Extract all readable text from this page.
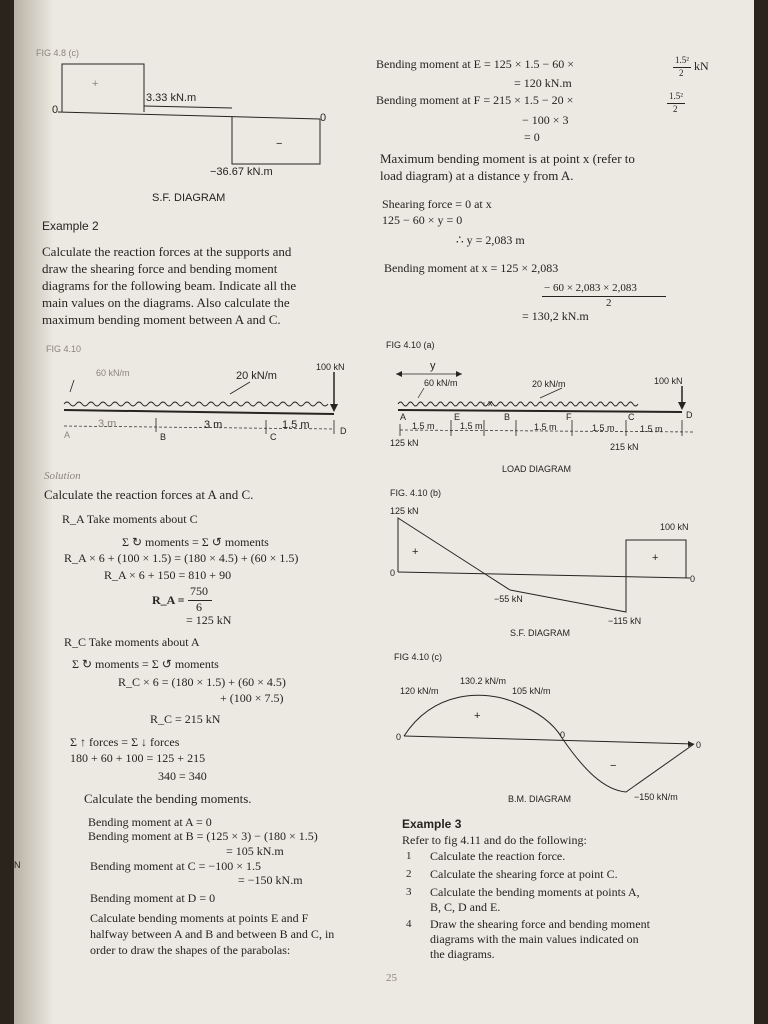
FIG 4.8 (c)
0
0
+
−
3.33 kN.m
−36.67 kN.m
S.F. DIAGRAM
Example 2
Calculate the reaction forces at the supports and
draw the shearing force and bending moment
diagrams for the following beam. Indicate all the
main values on the diagrams. Also calculate the
maximum bending moment between A and C.
FIG 4.10
60 kN/m	20 kN/m
100 kN
3 m	3 m	1.5 m
A	B	C
D
Solution
Calculate the reaction forces at A and C.
R_A Take moments about C
Σ ↻ moments = Σ ↺ moments
R_A × 6 + (100 × 1.5) = (180 × 4.5) + (60 × 1.5)
R_A × 6 + 150 = 810 + 90
R_A =
750
6
= 125 kN
R_C Take moments about A
Σ ↻ moments = Σ ↺ moments
R_C × 6 = (180 × 1.5) + (60 × 4.5)
+ (100 × 7.5)
R_C = 215 kN
Σ ↑ forces = Σ ↓ forces
180 + 60 + 100 = 125 + 215
340 = 340
Calculate the bending moments.
Bending moment at A = 0
Bending moment at B = (125 × 3) − (180 × 1.5)
= 105 kN.m
Bending moment at C = −100 × 1.5
= −150 kN.m
Bending moment at D = 0
Calculate bending moments at points E and F
halfway between A and B and between B and C, in
order to draw the shapes of the parabolas:
N
Bending moment at E = 125 × 1.5 − 60 ×	1.5²
2 kN
= 120 kN.m
Bending moment at F = 215 × 1.5 − 20 ×	1.5²
2
− 100 × 3
= 0
Maximum bending moment is at point x (refer to
load diagram) at a distance y from A.
Shearing force = 0 at x
125 − 60 × y = 0
∴ y = 2,083 m
Bending moment at x = 125 × 2,083
− 60 × 2,083 × 2,083
2
= 130,2 kN.m
FIG 4.10 (a)
y
x
60 kN/m	20 kN/m	100 kN
A	E	B	F	C	D
1.5 m	1.5 m	1.5 m	1.5 m	1.5 m
125 kN	215 kN
LOAD DIAGRAM
FIG. 4.10 (b)
125 kN
100 kN
−55 kN
−115 kN
0
0
+	+
S.F. DIAGRAM
FIG 4.10 (c)
120 kN/m
130.2 kN/m
105 kN/m
0	0
0
+
−
−150 kN/m
B.M. DIAGRAM
Example 3
Refer to fig 4.11 and do the following:
1 Calculate the reaction force.
2 Calculate the shearing force at point C.
3 Calculate the bending moments at points A,
B, C, D and E.
4 Draw the shearing force and bending moment
diagrams with the main values indicated on
the diagrams.
25
